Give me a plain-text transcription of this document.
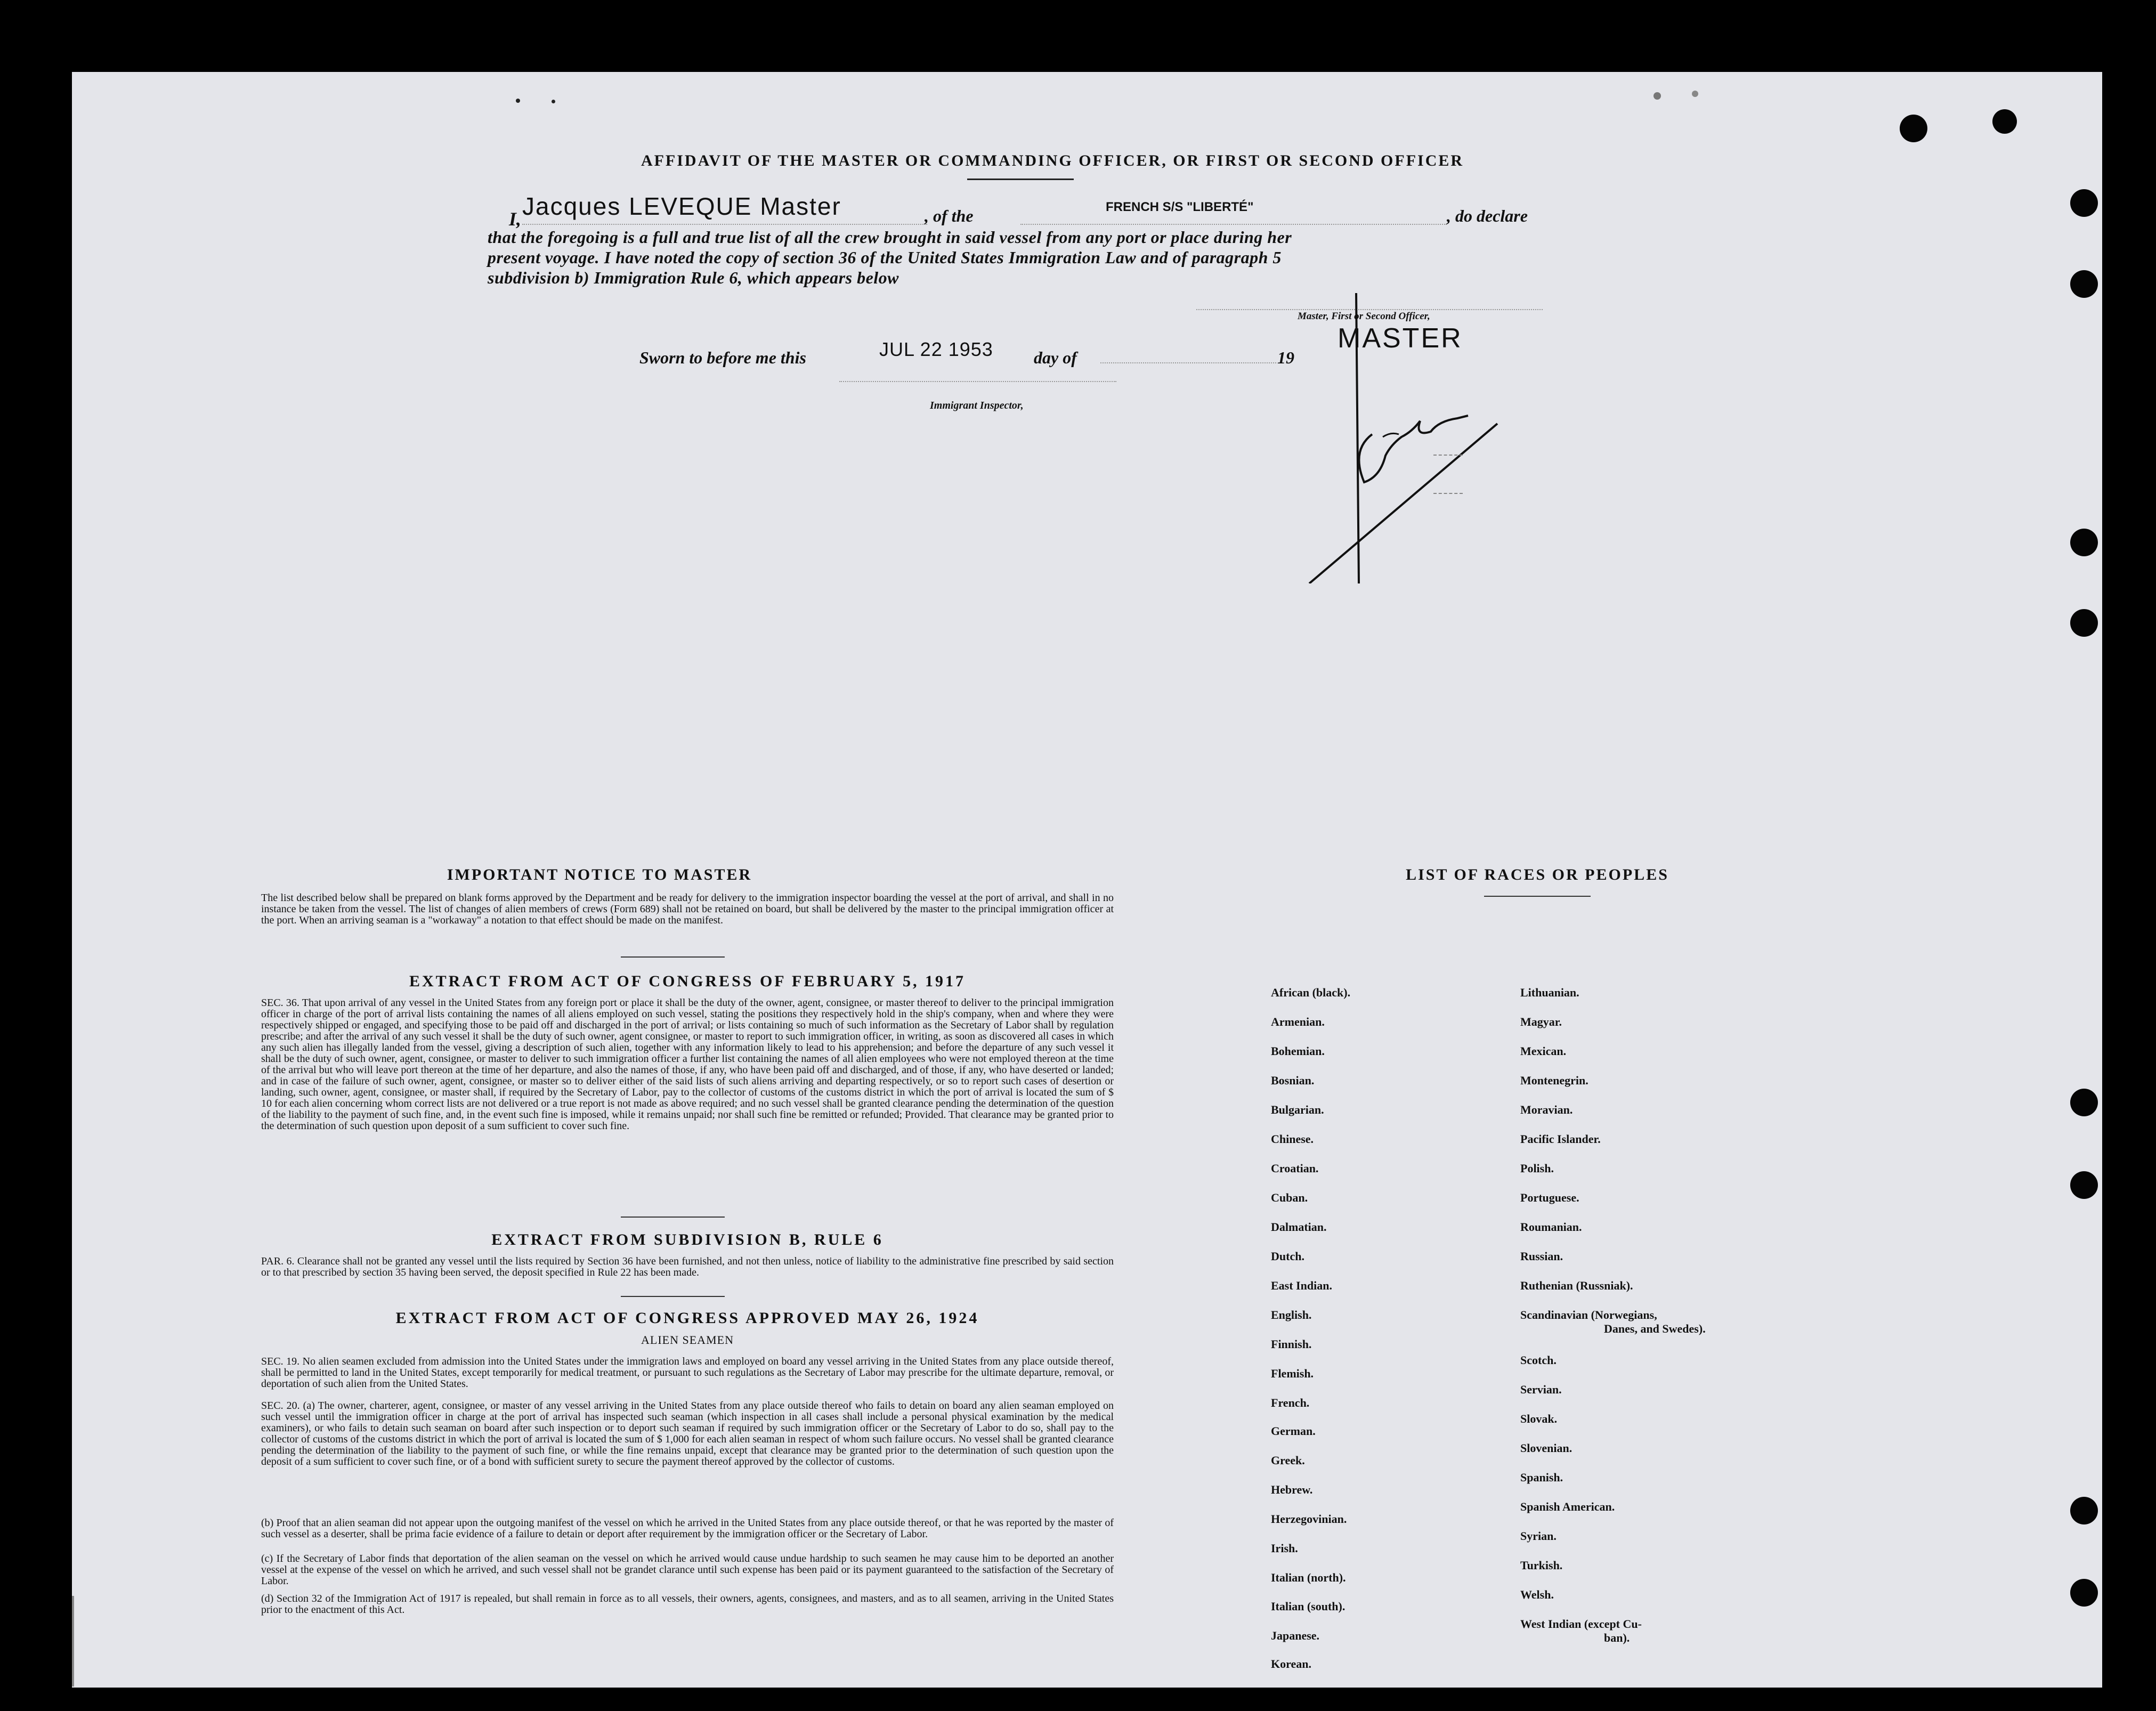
AFFIDAVIT OF THE MASTER OR COMMANDING OFFICER, OR FIRST OR SECOND OFFICER
I, Jacques LEVEQUE Master	, of the	FRENCH S/S "LIBERTÉ"	, do declare
that the foregoing is a full and true list of all the crew brought in said vessel from any port or place during her
present voyage. I have noted the copy of section 36 of the United States Immigration Law and of paragraph 5
subdivision b) Immigration Rule 6, which appears below
Master, First or Second Officer,
MASTER
Sworn to before me this	JUL 22 1953 day of	19
Immigrant Inspector,
IMPORTANT NOTICE TO MASTER
The list described below shall be prepared on blank forms approved by the Department and be ready for delivery to the immigration inspector boarding the vessel at the port of arrival, and shall in no instance be taken from the vessel. The list of changes of alien members of crews (Form 689) shall not be retained on board, but shall be delivered by the master to the principal immigration officer at the port. When an arriving seaman is a "workaway" a notation to that effect should be made on the manifest.
EXTRACT FROM ACT OF CONGRESS OF FEBRUARY 5, 1917
SEC. 36. That upon arrival of any vessel in the United States from any foreign port or place it shall be the duty of the owner, agent, consignee, or master thereof to deliver to the principal immigration officer in charge of the port of arrival lists containing the names of all aliens employed on such vessel, stating the positions they respectively hold in the ship's company, when and where they were respectively shipped or engaged, and specifying those to be paid off and discharged in the port of arrival; or lists containing so much of such information as the Secretary of Labor shall by regulation prescribe; and after the arrival of any such vessel it shall be the duty of such owner, agent consignee, or master to report to such immigration officer, in writing, as soon as discovered all cases in which any such alien has illegally landed from the vessel, giving a description of such alien, together with any information likely to lead to his apprehension; and before the departure of any such vessel it shall be the duty of such owner, agent, consignee, or master to deliver to such immigration officer a further list containing the names of all alien employees who were not employed thereon at the time of the arrival but who will leave port thereon at the time of her departure, and also the names of those, if any, who have been paid off and discharged, and of those, if any, who have deserted or landed; and in case of the failure of such owner, agent, consignee, or master so to deliver either of the said lists of such aliens arriving and departing respectively, or so to report such cases of desertion or landing, such owner, agent, consignee, or master shall, if required by the Secretary of Labor, pay to the collector of customs of the customs district in which the port of arrival is located the sum of $ 10 for each alien concerning whom correct lists are not delivered or a true report is not made as above required; and no such vessel shall be granted clearance pending the determination of the question of the liability to the payment of such fine, and, in the event such fine is imposed, while it remains unpaid; nor shall such fine be remitted or refunded; Provided. That clearance may be granted prior to the determination of such question upon deposit of a sum sufficient to cover such fine.
EXTRACT FROM SUBDIVISION B, RULE 6
PAR. 6. Clearance shall not be granted any vessel until the lists required by Section 36 have been furnished, and not then unless, notice of liability to the administrative fine prescribed by said section or to that prescribed by section 35 having been served, the deposit specified in Rule 22 has been made.
EXTRACT FROM ACT OF CONGRESS APPROVED MAY 26, 1924
ALIEN SEAMEN
SEC. 19. No alien seamen excluded from admission into the United States under the immigration laws and employed on board any vessel arriving in the United States from any place outside thereof, shall be permitted to land in the United States, except temporarily for medical treatment, or pursuant to such regulations as the Secretary of Labor may prescribe for the ultimate departure, removal, or deportation of such alien from the United States.
SEC. 20. (a) The owner, charterer, agent, consignee, or master of any vessel arriving in the United States from any place outside thereof who fails to detain on board any alien seaman employed on such vessel until the immigration officer in charge at the port of arrival has inspected such seaman (which inspection in all cases shall include a personal physical examination by the medical examiners), or who fails to detain such seaman on board after such inspection or to deport such seaman if required by such immigration officer or the Secretary of Labor to do so, shall pay to the collector of customs of the customs district in which the port of arrival is located the sum of $ 1,000 for each alien seaman in respect of whom such failure occurs. No vessel shall be granted clearance pending the determination of the liability to the payment of such fine, or while the fine remains unpaid, except that clearance may be granted prior to the determination of such question upon the deposit of a sum sufficient to cover such fine, or of a bond with sufficient surety to secure the payment thereof approved by the collector of customs.
(b) Proof that an alien seaman did not appear upon the outgoing manifest of the vessel on which he arrived in the United States from any place outside thereof, or that he was reported by the master of such vessel as a deserter, shall be prima facie evidence of a failure to detain or deport after requirement by the immigration officer or the Secretary of Labor.
(c) If the Secretary of Labor finds that deportation of the alien seaman on the vessel on which he arrived would cause undue hardship to such seamen he may cause him to be deported an another vessel at the expense of the vessel on which he arrived, and such vessel shall not be grandet clarance until such expense has been paid or its payment guaranteed to the satisfaction of the Secretary of Labor.
(d) Section 32 of the Immigration Act of 1917 is repealed, but shall remain in force as to all vessels, their owners, agents, consignees, and masters, and as to all seamen, arriving in the United States prior to the enactment of this Act.
LIST OF RACES OR PEOPLES
African (black).
Armenian.
Bohemian.
Bosnian.
Bulgarian.
Chinese.
Croatian.
Cuban.
Dalmatian.
Dutch.
East Indian.
English.
Finnish.
Flemish.
French.
German.
Greek.
Hebrew.
Herzegovinian.
Irish.
Italian (north).
Italian (south).
Japanese.
Korean.
Lithuanian.
Magyar.
Mexican.
Montenegrin.
Moravian.
Pacific Islander.
Polish.
Portuguese.
Roumanian.
Russian.
Ruthenian (Russniak).
Scandinavian (Norwegians,
Danes, and Swedes).
Scotch.
Servian.
Slovak.
Slovenian.
Spanish.
Spanish American.
Syrian.
Turkish.
Welsh.
West Indian (except Cu-
ban).
